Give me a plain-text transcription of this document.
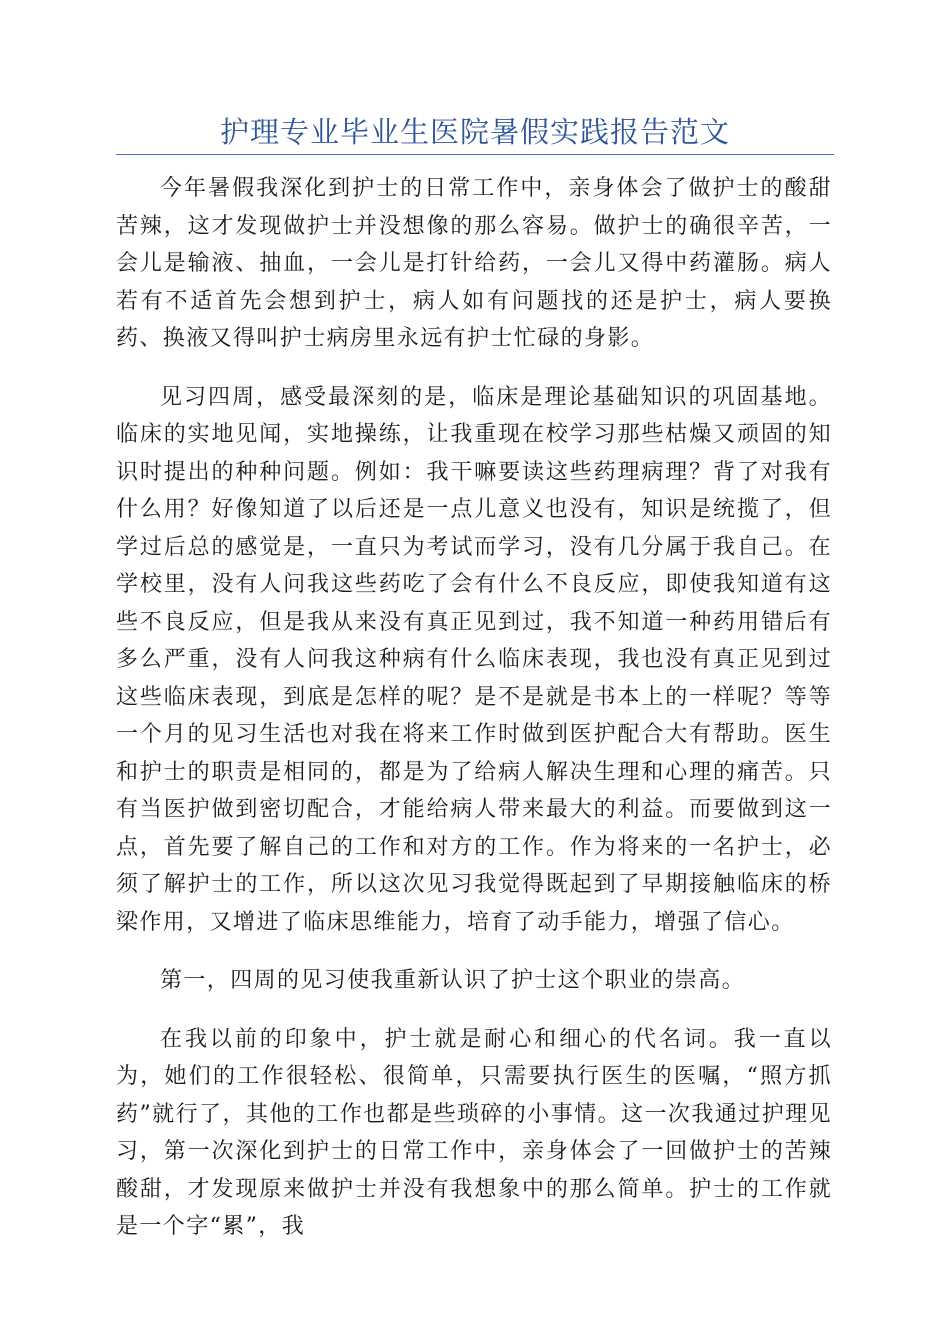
护理专业毕业生医院暑假实践报告范文

今年暑假我深化到护士的日常工作中，亲身体会了做护士的酸甜苦辣，这才发现做护士并没想像的那么容易。做护士的确很辛苦，一会儿是输液、抽血，一会儿是打针给药，一会儿又得中药灌肠。病人若有不适首先会想到护士，病人如有问题找的还是护士，病人要换药、换液又得叫护士病房里永远有护士忙碌的身影。

见习四周，感受最深刻的是，临床是理论基础知识的巩固基地。临床的实地见闻，实地操练，让我重现在校学习那些枯燥又顽固的知识时提出的种种问题。例如：我干嘛要读这些药理病理？背了对我有什么用？好像知道了以后还是一点儿意义也没有，知识是统揽了，但学过后总的感觉是，一直只为考试而学习，没有几分属于我自己。在学校里，没有人问我这些药吃了会有什么不良反应，即使我知道有这些不良反应，但是我从来没有真正见到过，我不知道一种药用错后有多么严重，没有人问我这种病有什么临床表现，我也没有真正见到过这些临床表现，到底是怎样的呢？是不是就是书本上的一样呢？等等一个月的见习生活也对我在将来工作时做到医护配合大有帮助。医生和护士的职责是相同的，都是为了给病人解决生理和心理的痛苦。只有当医护做到密切配合，才能给病人带来最大的利益。而要做到这一点，首先要了解自己的工作和对方的工作。作为将来的一名护士，必须了解护士的工作，所以这次见习我觉得既起到了早期接触临床的桥梁作用，又增进了临床思维能力，培育了动手能力，增强了信心。

第一，四周的见习使我重新认识了护士这个职业的崇高。

在我以前的印象中，护士就是耐心和细心的代名词。我一直以为，她们的工作很轻松、很简单，只需要执行医生的医嘱，“照方抓药”就行了，其他的工作也都是些琐碎的小事情。这一次我通过护理见习，第一次深化到护士的日常工作中，亲身体会了一回做护士的苦辣酸甜，才发现原来做护士并没有我想象中的那么简单。护士的工作就是一个字“累”，我
